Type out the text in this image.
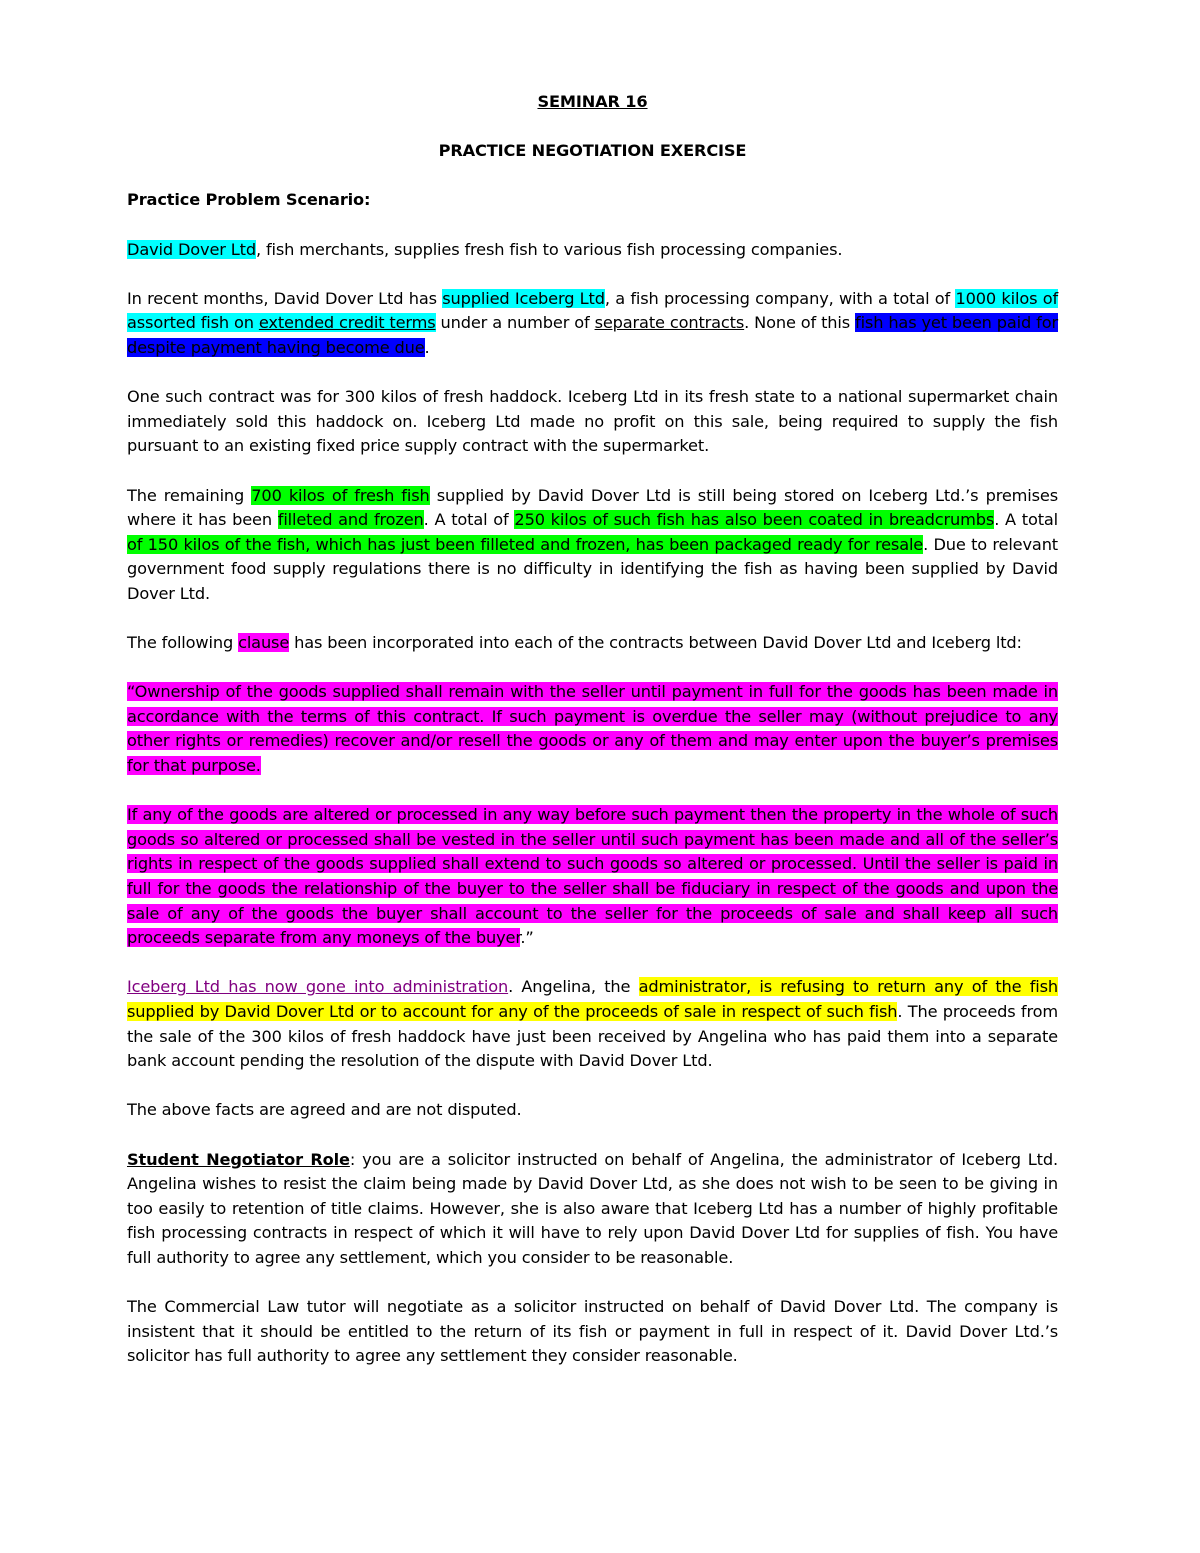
SEMINAR 16
PRACTICE NEGOTIATION EXERCISE
Practice Problem Scenario:

David Dover Ltd, fish merchants, supplies fresh fish to various fish processing companies.

In recent months, David Dover Ltd has supplied Iceberg Ltd, a fish processing company, with a total of 1000 kilos of assorted fish on extended credit terms under a number of separate contracts. None of this fish has yet been paid for despite payment having become due.

One such contract was for 300 kilos of fresh haddock. Iceberg Ltd in its fresh state to a national supermarket chain immediately sold this haddock on. Iceberg Ltd made no profit on this sale, being required to supply the fish pursuant to an existing fixed price supply contract with the supermarket.

The remaining 700 kilos of fresh fish supplied by David Dover Ltd is still being stored on Iceberg Ltd.’s premises where it has been filleted and frozen. A total of 250 kilos of such fish has also been coated in breadcrumbs. A total of 150 kilos of the fish, which has just been filleted and frozen, has been packaged ready for resale. Due to relevant government food supply regulations there is no difficulty in identifying the fish as having been supplied by David Dover Ltd.

The following clause has been incorporated into each of the contracts between David Dover Ltd and Iceberg ltd:

“Ownership of the goods supplied shall remain with the seller until payment in full for the goods has been made in accordance with the terms of this contract. If such payment is overdue the seller may (without prejudice to any other rights or remedies) recover and/or resell the goods or any of them and may enter upon the buyer’s premises for that purpose.

If any of the goods are altered or processed in any way before such payment then the property in the whole of such goods so altered or processed shall be vested in the seller until such payment has been made and all of the seller’s rights in respect of the goods supplied shall extend to such goods so altered or processed. Until the seller is paid in full for the goods the relationship of the buyer to the seller shall be fiduciary in respect of the goods and upon the sale of any of the goods the buyer shall account to the seller for the proceeds of sale and shall keep all such proceeds separate from any moneys of the buyer.”

Iceberg Ltd has now gone into administration. Angelina, the administrator, is refusing to return any of the fish supplied by David Dover Ltd or to account for any of the proceeds of sale in respect of such fish. The proceeds from the sale of the 300 kilos of fresh haddock have just been received by Angelina who has paid them into a separate bank account pending the resolution of the dispute with David Dover Ltd.

The above facts are agreed and are not disputed.

Student Negotiator Role: you are a solicitor instructed on behalf of Angelina, the administrator of Iceberg Ltd. Angelina wishes to resist the claim being made by David Dover Ltd, as she does not wish to be seen to be giving in too easily to retention of title claims. However, she is also aware that Iceberg Ltd has a number of highly profitable fish processing contracts in respect of which it will have to rely upon David Dover Ltd for supplies of fish. You have full authority to agree any settlement, which you consider to be reasonable.

The Commercial Law tutor will negotiate as a solicitor instructed on behalf of David Dover Ltd. The company is insistent that it should be entitled to the return of its fish or payment in full in respect of it. David Dover Ltd.’s solicitor has full authority to agree any settlement they consider reasonable.
